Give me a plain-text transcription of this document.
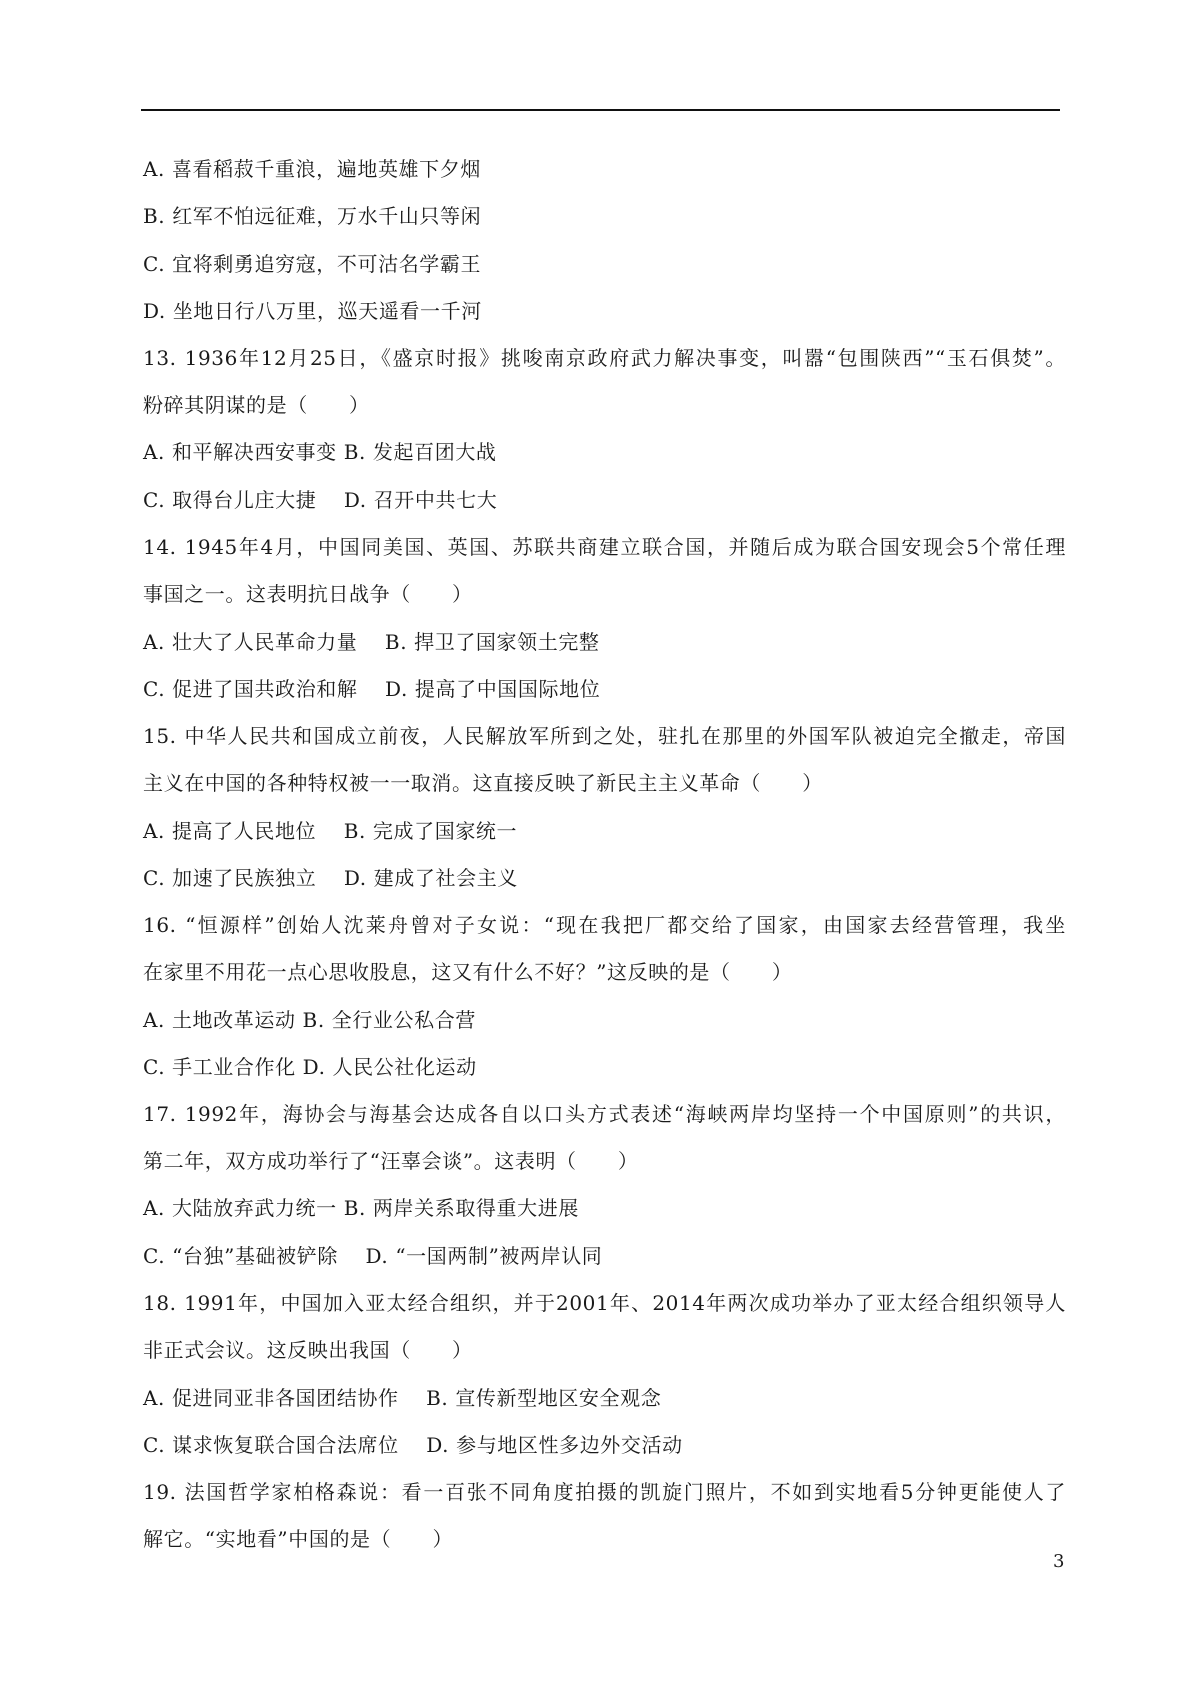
A. 喜看稻菽千重浪，遍地英雄下夕烟
B. 红军不怕远征难，万水千山只等闲
C. 宜将剩勇追穷寇，不可沽名学霸王
D. 坐地日行八万里，巡天遥看一千河
13. 1936年12月25日，《盛京时报》挑唆南京政府武力解决事变，叫嚣“包围陕西”“玉石俱焚”。
粉碎其阴谋的是（　　）
A. 和平解决西安事变 B. 发起百团大战
C. 取得台儿庄大捷　 D. 召开中共七大
14. 1945年4月，中国同美国、英国、苏联共商建立联合国，并随后成为联合国安现会5个常任理
事国之一。这表明抗日战争（　　）
A. 壮大了人民革命力量　 B. 捍卫了国家领土完整
C. 促进了国共政治和解　 D. 提高了中国国际地位
15. 中华人民共和国成立前夜，人民解放军所到之处，驻扎在那里的外国军队被迫完全撤走，帝国
主义在中国的各种特权被一一取消。这直接反映了新民主主义革命（　　）
A. 提高了人民地位　 B. 完成了国家统一
C. 加速了民族独立　 D. 建成了社会主义
16. “恒源样”创始人沈莱舟曾对子女说：“现在我把厂都交给了国家，由国家去经营管理，我坐
在家里不用花一点心思收股息，这又有什么不好？”这反映的是（　　）
A. 土地改革运动 B. 全行业公私合营
C. 手工业合作化 D. 人民公社化运动
17. 1992年，海协会与海基会达成各自以口头方式表述“海峡两岸均坚持一个中国原则”的共识，
第二年，双方成功举行了“汪辜会谈”。这表明（　　）
A. 大陆放弃武力统一 B. 两岸关系取得重大进展
C. “台独”基础被铲除　 D. “一国两制”被两岸认同
18. 1991年，中国加入亚太经合组织，并于2001年、2014年两次成功举办了亚太经合组织领导人
非正式会议。这反映出我国（　　）
A. 促进同亚非各国团结协作　 B. 宣传新型地区安全观念
C. 谋求恢复联合国合法席位　 D. 参与地区性多边外交活动
19. 法国哲学家柏格森说：看一百张不同角度拍摄的凯旋门照片，不如到实地看5分钟更能使人了
解它。“实地看”中国的是（　　）
3
